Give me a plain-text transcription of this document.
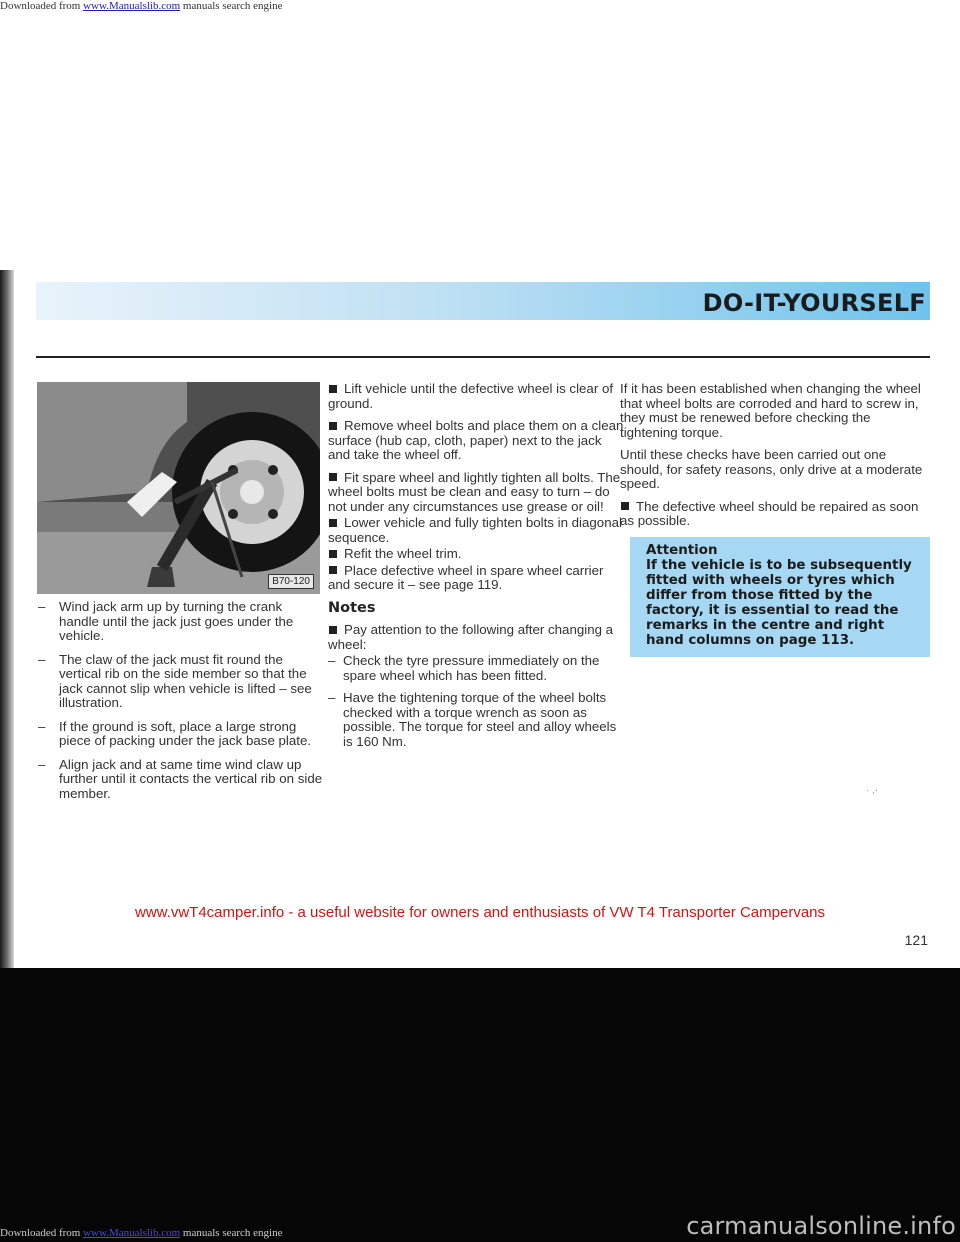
Downloaded from www.Manualslib.com manuals search engine
DO-IT-YOURSELF
B70-120
– Wind jack arm up by turning the crank handle until the jack just goes under the vehicle.
– The claw of the jack must fit round the vertical rib on the side member so that the jack cannot slip when vehicle is lifted – see illustration.
– If the ground is soft, place a large strong piece of packing under the jack base plate.
– Align jack and at same time wind claw up further until it contacts the vertical rib on side member.

Lift vehicle until the defective wheel is clear of ground.

Remove wheel bolts and place them on a clean surface (hub cap, cloth, paper) next to the jack and take the wheel off.

Fit spare wheel and lightly tighten all bolts. The wheel bolts must be clean and easy to turn – do not under any circumstances use grease or oil!

Lower vehicle and fully tighten bolts in diagonal sequence.

Refit the wheel trim.

Place defective wheel in spare wheel carrier and secure it – see page 119.

Notes

Pay attention to the following after changing a wheel:

– Check the tyre pressure immediately on the spare wheel which has been fitted.
– Have the tightening torque of the wheel bolts checked with a torque wrench as soon as possible. The torque for steel and alloy wheels is 160 Nm.

If it has been established when changing the wheel that wheel bolts are corroded and hard to screw in, they must be renewed before checking the tightening torque.

Until these checks have been carried out one should, for safety reasons, only drive at a moderate speed.

The defective wheel should be repaired as soon as possible.

Attention
If the vehicle is to be subsequently fitted with wheels or tyres which differ from those fitted by the factory, it is essential to read the remarks in the centre and right hand columns on page 113.
· ,·
www.vwT4camper.info - a useful website for owners and enthusiasts of VW T4 Transporter Campervans
121
Downloaded from www.Manualslib.com manuals search engine	carmanualsonline.info
